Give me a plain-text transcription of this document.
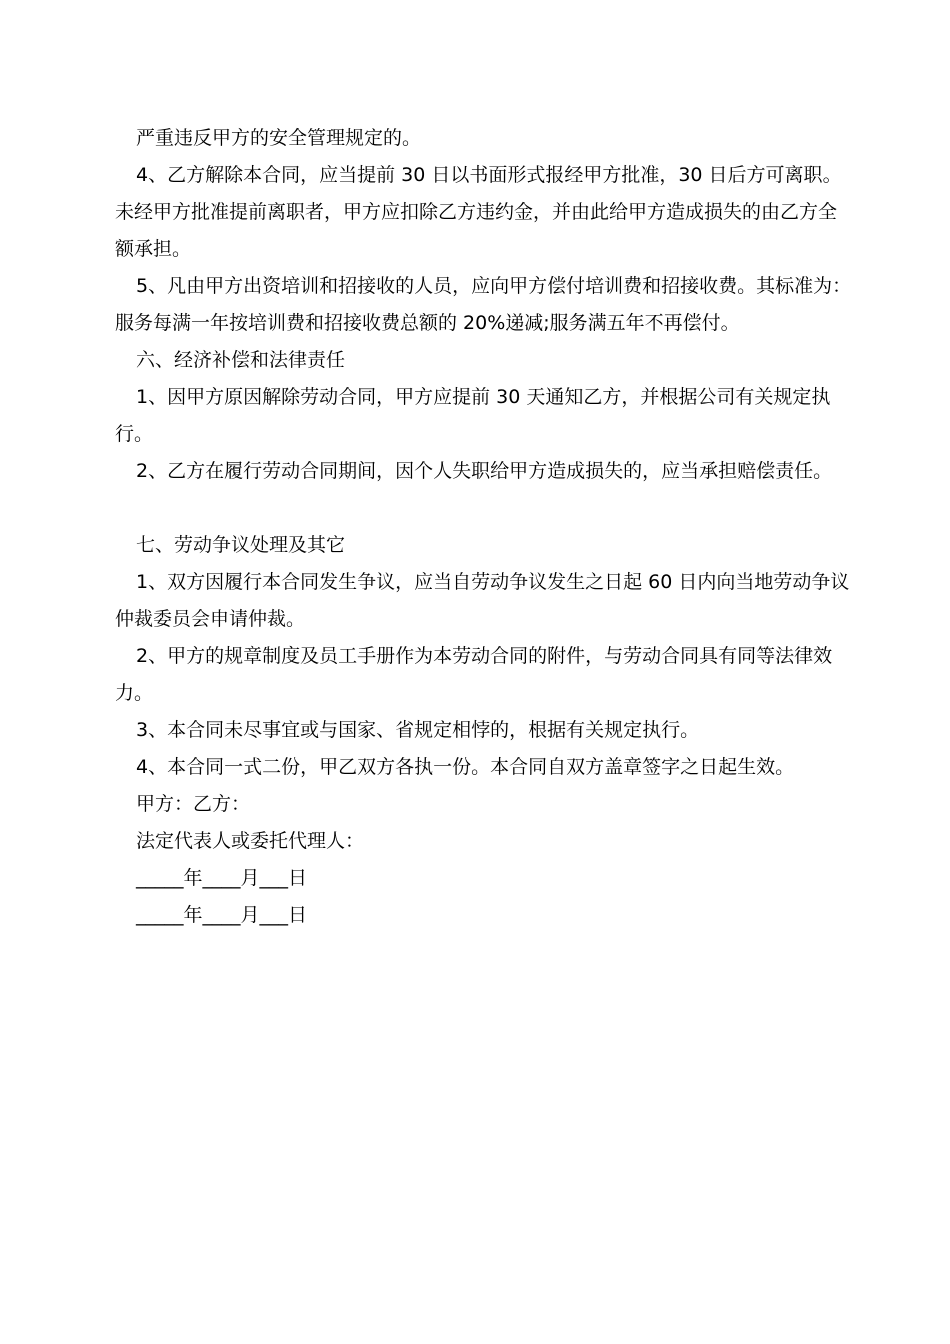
严重违反甲方的安全管理规定的。

4、乙方解除本合同，应当提前 30 日以书面形式报经甲方批准，30 日后方可离职。未经甲方批准提前离职者，甲方应扣除乙方违约金，并由此给甲方造成损失的由乙方全额承担。

5、凡由甲方出资培训和招接收的人员，应向甲方偿付培训费和招接收费。其标准为：服务每满一年按培训费和招接收费总额的 20%递减;服务满五年不再偿付。

六、经济补偿和法律责任

1、因甲方原因解除劳动合同，甲方应提前 30 天通知乙方，并根据公司有关规定执行。

2、乙方在履行劳动合同期间，因个人失职给甲方造成损失的，应当承担赔偿责任。

七、劳动争议处理及其它

1、双方因履行本合同发生争议，应当自劳动争议发生之日起 60 日内向当地劳动争议仲裁委员会申请仲裁。

2、甲方的规章制度及员工手册作为本劳动合同的附件，与劳动合同具有同等法律效力。

3、本合同未尽事宜或与国家、省规定相悖的，根据有关规定执行。

4、本合同一式二份，甲乙双方各执一份。本合同自双方盖章签字之日起生效。

甲方：乙方：

法定代表人或委托代理人：

_____年____月___日

_____年____月___日
